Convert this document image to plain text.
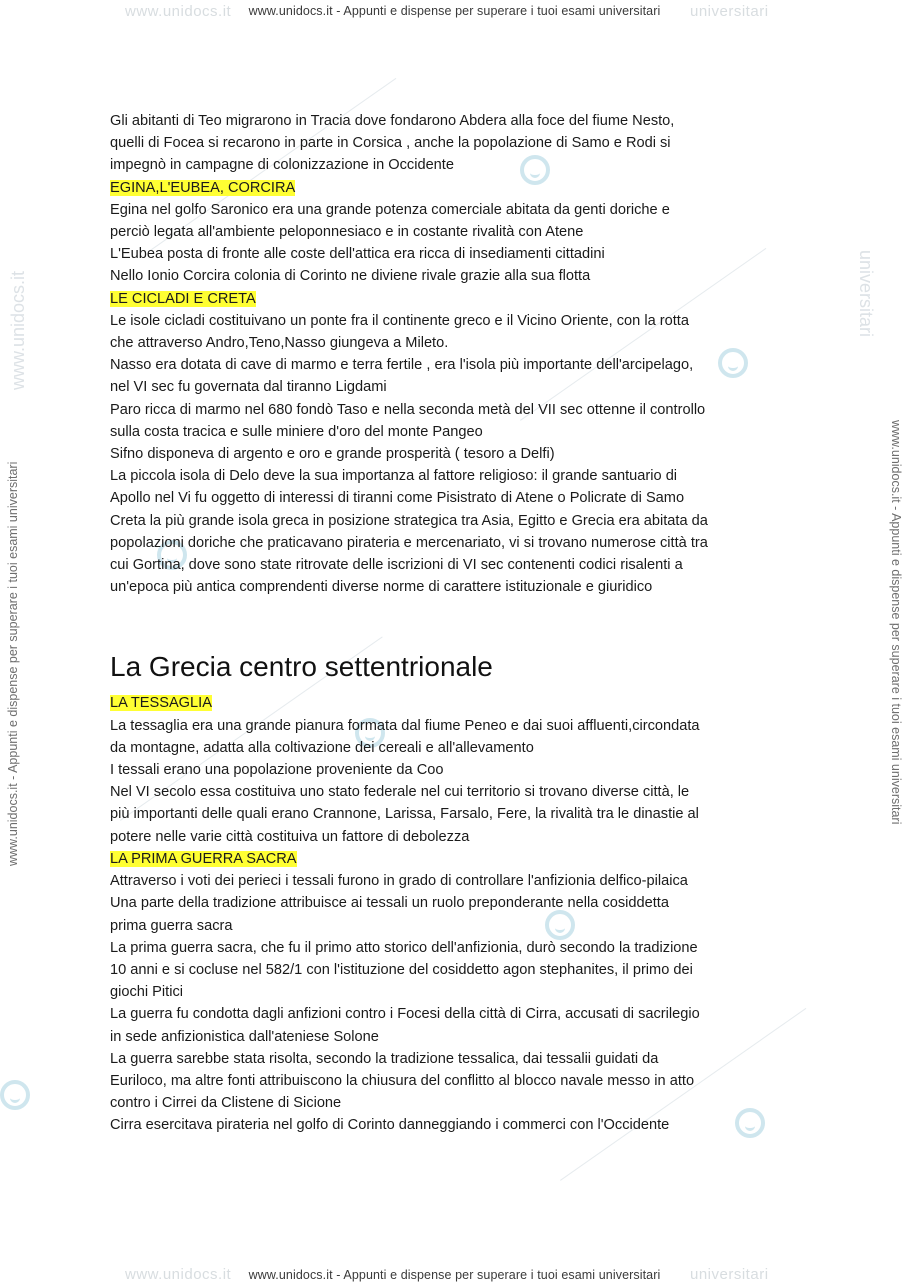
www.unidocs.it	universitari
www.unidocs.it	universitari
www.unidocs.it - Appunti e dispense per superare i tuoi esami universitari
www.unidocs.it - Appunti e dispense per superare i tuoi esami universitari
www.unidocs.it - Appunti e dispense per superare i tuoi esami universitari	www.unidocs.it - Appunti e dispense per superare i tuoi esami universitari
www.unidocs.it	universitari

Gli abitanti di Teo migrarono in Tracia dove fondarono Abdera alla foce del fiume Nesto,

quelli di Focea si recarono in parte in Corsica , anche la popolazione di Samo e Rodi si

impegnò in campagne di colonizzazione in Occidente

EGINA,L'EUBEA, CORCIRA

Egina nel golfo Saronico era una grande potenza comerciale abitata da genti doriche e

perciò legata all'ambiente peloponnesiaco e in costante rivalità con Atene

L'Eubea posta di fronte alle coste dell'attica era ricca di insediamenti cittadini

Nello Ionio Corcira colonia di Corinto ne diviene rivale grazie alla sua flotta

LE CICLADI E CRETA

Le isole cicladi costituivano un ponte fra il continente greco e il Vicino Oriente, con la rotta

che attraverso Andro,Teno,Nasso giungeva a Mileto.

Nasso era dotata di cave di marmo e terra fertile , era l'isola più importante dell'arcipelago,

nel VI sec fu governata dal tiranno Ligdami

Paro ricca di marmo nel 680 fondò Taso e nella seconda metà del VII sec ottenne il controllo

sulla costa tracica e sulle miniere d'oro del monte Pangeo

Sifno disponeva di argento e oro e grande prosperità ( tesoro a Delfi)

La piccola isola di Delo deve la sua importanza al fattore religioso: il grande santuario di

Apollo nel Vi fu oggetto di interessi di tiranni come Pisistrato di Atene o Policrate di Samo

Creta la più grande isola greca in posizione strategica tra Asia, Egitto e Grecia era abitata da

popolazioni doriche che praticavano pirateria e mercenariato, vi si trovano numerose città tra

cui Gortina, dove sono state ritrovate delle iscrizioni di VI sec contenenti codici risalenti a

un'epoca più antica comprendenti diverse norme di carattere istituzionale e giuridico

La Grecia centro settentrionale

LA TESSAGLIA

La tessaglia era una grande pianura formata dal fiume Peneo e dai suoi affluenti,circondata

da montagne, adatta alla coltivazione dei cereali e all'allevamento

I tessali erano una popolazione proveniente da Coo

Nel VI secolo essa costituiva uno stato federale nel cui territorio si trovano diverse città, le

più importanti delle quali erano Crannone, Larissa, Farsalo, Fere, la rivalità tra le dinastie al

potere nelle varie città costituiva un fattore di debolezza

LA PRIMA GUERRA SACRA

Attraverso i voti dei perieci i tessali furono in grado di controllare l'anfizionia delfico-pilaica

Una parte della tradizione attribuisce ai tessali un ruolo preponderante nella cosiddetta

prima guerra sacra

La prima guerra sacra, che fu il primo atto storico dell'anfizionia, durò secondo la tradizione

10 anni e si cocluse nel 582/1 con l'istituzione del cosiddetto agon stephanites, il primo dei

giochi Pitici

La guerra fu condotta dagli anfizioni contro i Focesi della città di Cirra, accusati di sacrilegio

in sede anfizionistica dall'ateniese Solone

La guerra sarebbe stata risolta, secondo la tradizione tessalica, dai tessalii guidati da

Euriloco, ma altre fonti attribuiscono la chiusura del conflitto al blocco navale messo in atto

contro i Cirrei da Clistene di Sicione

Cirra esercitava pirateria nel golfo di Corinto danneggiando i commerci con l'Occidente
